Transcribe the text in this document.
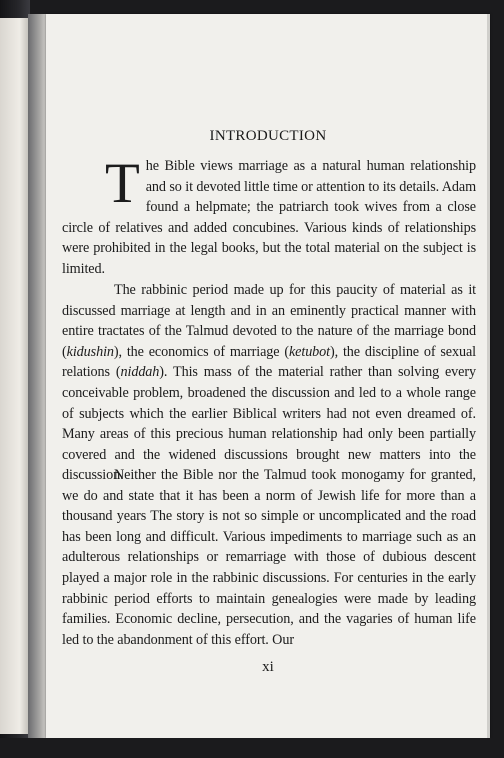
INTRODUCTION
The Bible views marriage as a natural human relationship and so it devoted little time or attention to its details. Adam found a helpmate; the patriarch took wives from a close circle of relatives and added concubines. Various kinds of relationships were prohibited in the legal books, but the total material on the subject is limited.
The rabbinic period made up for this paucity of material as it discussed marriage at length and in an eminently practical manner with entire tractates of the Talmud devoted to the nature of the marriage bond (kidushin), the economics of marriage (ketubot), the discipline of sexual relations (niddah). This mass of the material rather than solving every conceivable problem, broadened the discussion and led to a whole range of subjects which the earlier Biblical writers had not even dreamed of. Many areas of this precious human relationship had only been partially covered and the widened discussions brought new matters into the discussion.
Neither the Bible nor the Talmud took monogamy for granted, we do and state that it has been a norm of Jewish life for more than a thousand years The story is not so simple or uncomplicated and the road has been long and difficult. Various impediments to marriage such as an adulterous relationships or remarriage with those of dubious descent played a major role in the rabbinic discussions. For centuries in the early rabbinic period efforts to maintain genealogies were made by leading families. Economic decline, persecution, and the vagaries of human life led to the abandonment of this effort. Our
xi
